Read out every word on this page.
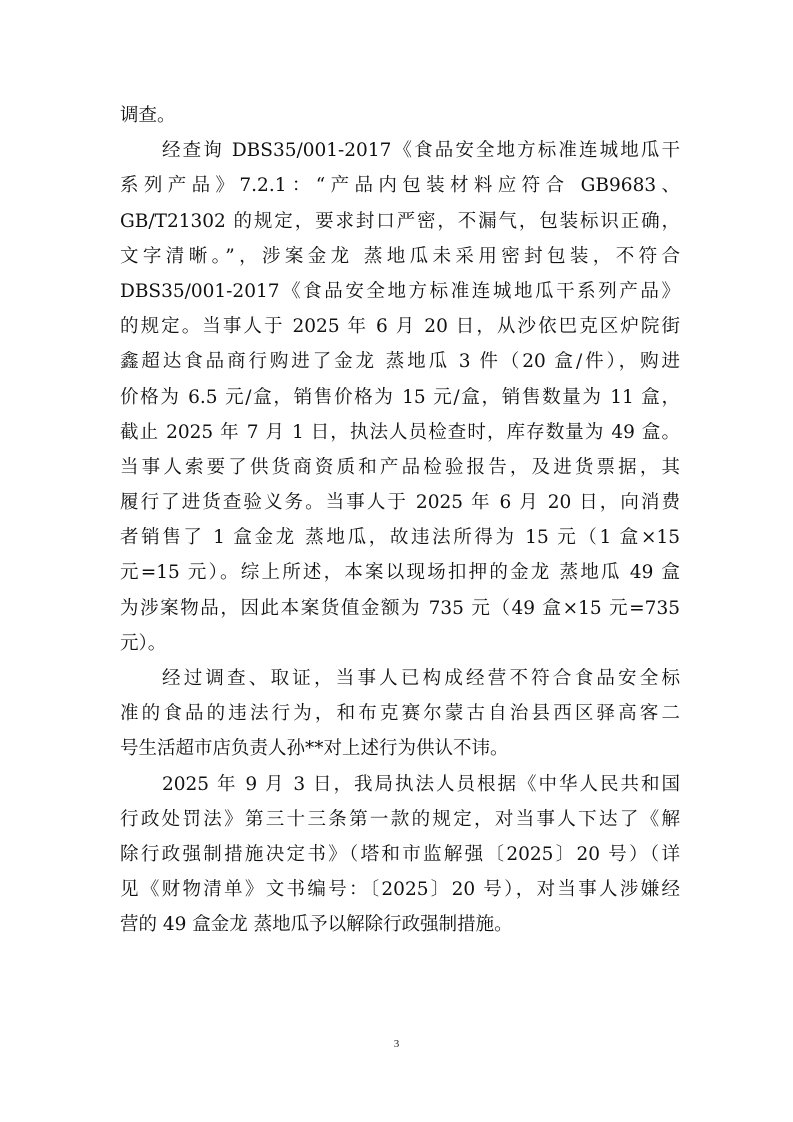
调查。
经查询 DBS35/001-2017《食品安全地方标准连城地瓜干
系列产品》7.2.1：“产品内包装材料应符合 GB9683、
GB/T21302 的规定，要求封口严密，不漏气，包装标识正确，
文字清晰。”，涉案金龙 蒸地瓜未采用密封包装，不符合
DBS35/001-2017《食品安全地方标准连城地瓜干系列产品》
的规定。当事人于 2025 年 6 月 20 日，从沙依巴克区炉院街
鑫超达食品商行购进了金龙 蒸地瓜 3 件（20 盒/件），购进
价格为 6.5 元/盒，销售价格为 15 元/盒，销售数量为 11 盒，
截止 2025 年 7 月 1 日，执法人员检查时，库存数量为 49 盒。
当事人索要了供货商资质和产品检验报告，及进货票据，其
履行了进货查验义务。当事人于 2025 年 6 月 20 日，向消费
者销售了 1 盒金龙 蒸地瓜，故违法所得为 15 元（1 盒×15
元=15 元）。综上所述，本案以现场扣押的金龙 蒸地瓜 49 盒
为涉案物品，因此本案货值金额为 735 元（49 盒×15 元=735
元）。
经过调查、取证，当事人已构成经营不符合食品安全标
准的食品的违法行为，和布克赛尔蒙古自治县西区驿高客二
号生活超市店负责人孙**对上述行为供认不讳。
2025 年 9 月 3 日，我局执法人员根据《中华人民共和国
行政处罚法》第三十三条第一款的规定，对当事人下达了《解
除行政强制措施决定书》（塔和市监解强〔2025〕20 号）（详
见《财物清单》文书编号：〔2025〕20 号），对当事人涉嫌经
营的 49 盒金龙 蒸地瓜予以解除行政强制措施。
3
